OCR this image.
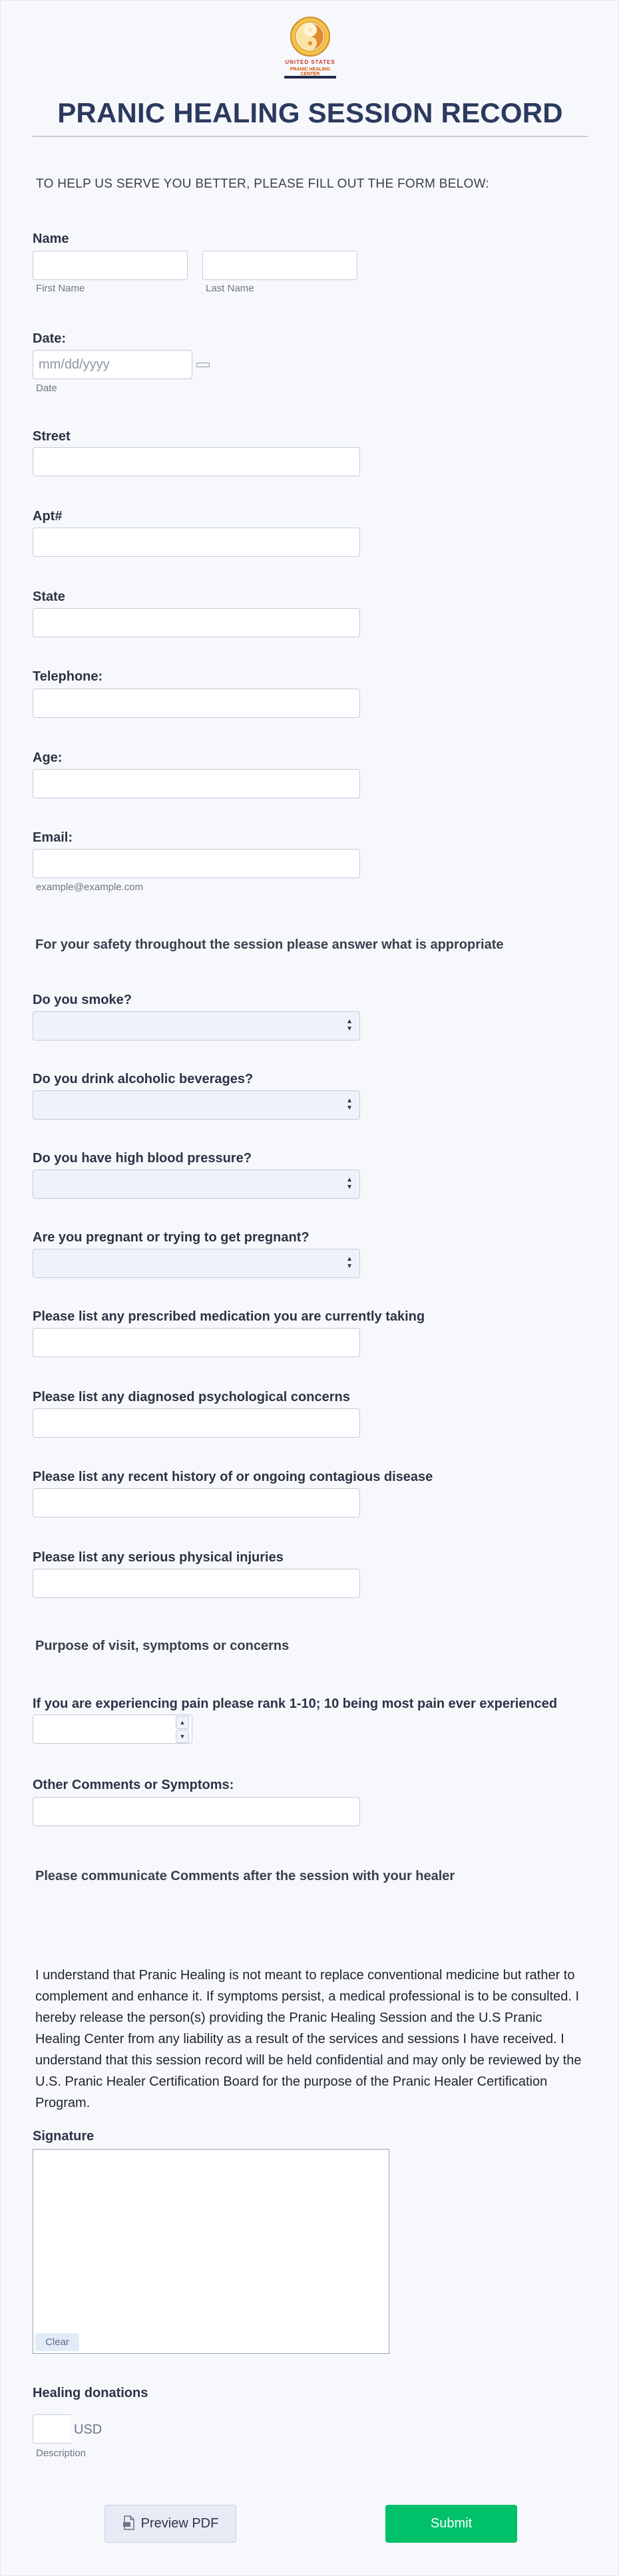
UNITED STATES
PRANIC HEALING CENTER
PRANIC HEALING SESSION RECORD
TO HELP US SERVE YOU BETTER, PLEASE FILL OUT THE FORM BELOW:
Name
First Name	Last Name
Date:
mm/dd/yyyy
Date
Street
Apt#
State
Telephone:
Age:
Email:
example@example.com
For your safety throughout the session please answer what is appropriate
Do you smoke?
▲
▼
Do you drink alcoholic beverages?
▲
▼
Do you have high blood pressure?
▲
▼
Are you pregnant or trying to get pregnant?
▲
▼
Please list any prescribed medication you are currently taking
Please list any diagnosed psychological concerns
Please list any recent history of or ongoing contagious disease
Please list any serious physical injuries
Purpose of visit, symptoms or concerns
If you are experiencing pain please rank 1-10; 10 being most pain ever experienced
▲
▼
Other Comments or Symptoms:
Please communicate Comments after the session with your healer
I understand that Pranic Healing is not meant to replace conventional medicine but rather to complement and enhance it. If symptoms persist, a medical professional is to be consulted. I hereby release the person(s) providing the Pranic Healing Session and the U.S Pranic Healing Center from any liability as a result of the services and sessions I have received. I understand that this session record will be held confidential and may only be reviewed by the U.S. Pranic Healer Certification Board for the purpose of the Pranic Healer Certification Program.
Signature
Clear
Healing donations
USD
Description
Preview PDF	Submit
